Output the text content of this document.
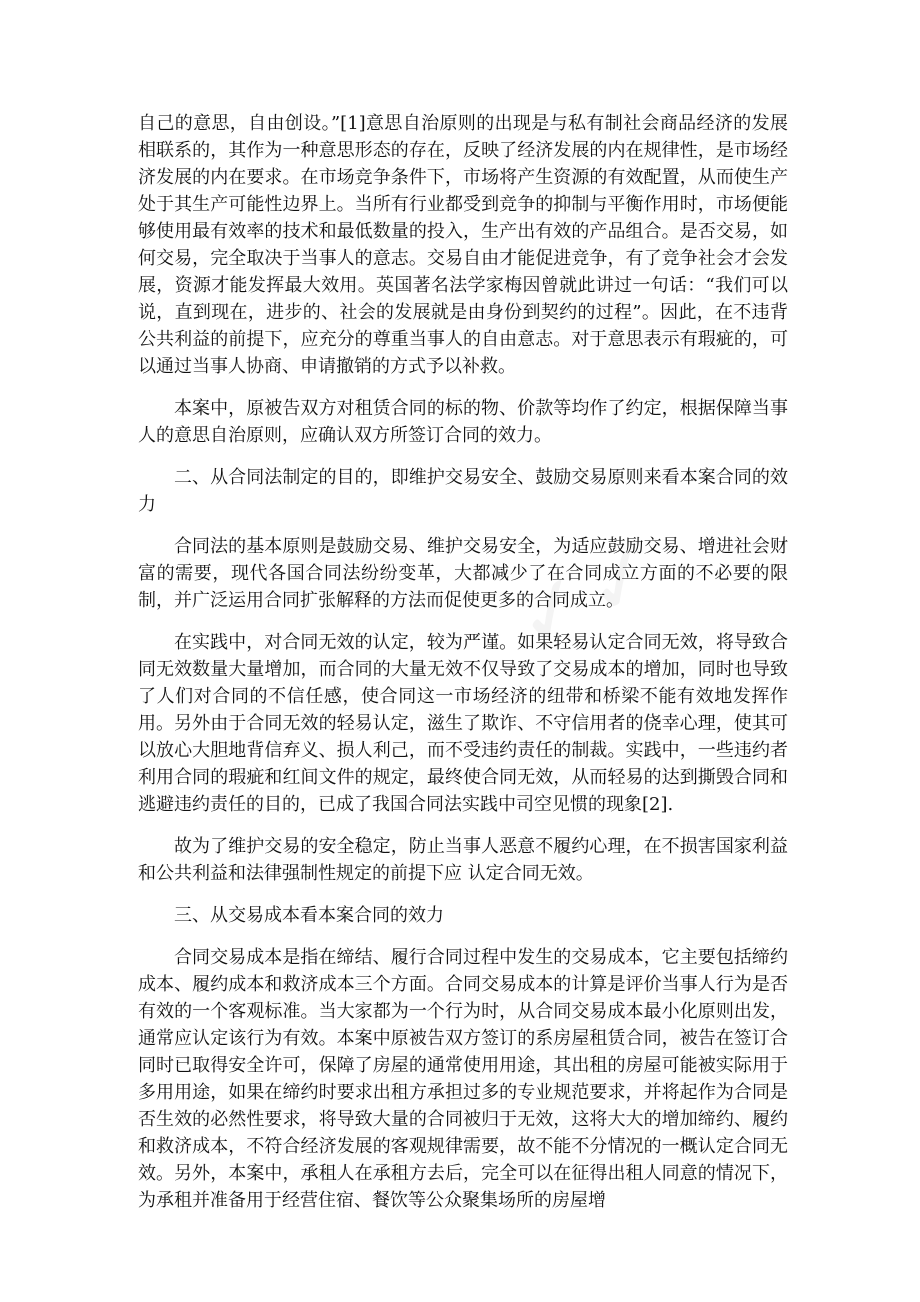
自己的意思，自由创设。”[1]意思自治原则的出现是与私有制社会商品经济的发展相联系的，其作为一种意思形态的存在，反映了经济发展的内在规律性，是市场经济发展的内在要求。在市场竞争条件下，市场将产生资源的有效配置，从而使生产处于其生产可能性边界上。当所有行业都受到竞争的抑制与平衡作用时，市场便能够使用最有效率的技术和最低数量的投入，生产出有效的产品组合。是否交易，如何交易，完全取决于当事人的意志。交易自由才能促进竞争，有了竞争社会才会发展，资源才能发挥最大效用。英国著名法学家梅因曾就此讲过一句话：“我们可以说，直到现在，进步的、社会的发展就是由身份到契约的过程”。因此，在不违背公共利益的前提下，应充分的尊重当事人的自由意志。对于意思表示有瑕疵的，可以通过当事人协商、申请撤销的方式予以补救。

本案中，原被告双方对租赁合同的标的物、价款等均作了约定，根据保障当事人的意思自治原则，应确认双方所签订合同的效力。

二、从合同法制定的目的，即维护交易安全、鼓励交易原则来看本案合同的效力

合同法的基本原则是鼓励交易、维护交易安全，为适应鼓励交易、增进社会财富的需要，现代各国合同法纷纷变革，大都减少了在合同成立方面的不必要的限制，并广泛运用合同扩张解释的方法而促使更多的合同成立。

在实践中，对合同无效的认定，较为严谨。如果轻易认定合同无效，将导致合同无效数量大量增加，而合同的大量无效不仅导致了交易成本的增加，同时也导致了人们对合同的不信任感，使合同这一市场经济的纽带和桥梁不能有效地发挥作用。另外由于合同无效的轻易认定，滋生了欺诈、不守信用者的侥幸心理，使其可以放心大胆地背信弃义、损人利己，而不受违约责任的制裁。实践中，一些违约者利用合同的瑕疵和红间文件的规定，最终使合同无效，从而轻易的达到撕毁合同和逃避违约责任的目的，已成了我国合同法实践中司空见惯的现象[2].

故为了维护交易的安全稳定，防止当事人恶意不履约心理，在不损害国家利益和公共利益和法律强制性规定的前提下应 认定合同无效。

三、从交易成本看本案合同的效力

合同交易成本是指在缔结、履行合同过程中发生的交易成本，它主要包括缔约成本、履约成本和救济成本三个方面。合同交易成本的计算是评价当事人行为是否有效的一个客观标准。当大家都为一个行为时，从合同交易成本最小化原则出发，通常应认定该行为有效。本案中原被告双方签订的系房屋租赁合同，被告在签订合同时已取得安全许可，保障了房屋的通常使用用途，其出租的房屋可能被实际用于多用用途，如果在缔约时要求出租方承担过多的专业规范要求，并将起作为合同是否生效的必然性要求，将导致大量的合同被归于无效，这将大大的增加缔约、履约和救济成本，不符合经济发展的客观规律需要，故不能不分情况的一概认定合同无效。另外，本案中，承租人在承租方去后，完全可以在征得出租人同意的情况下，为承租并准备用于经营住宿、餐饮等公众聚集场所的房屋增
